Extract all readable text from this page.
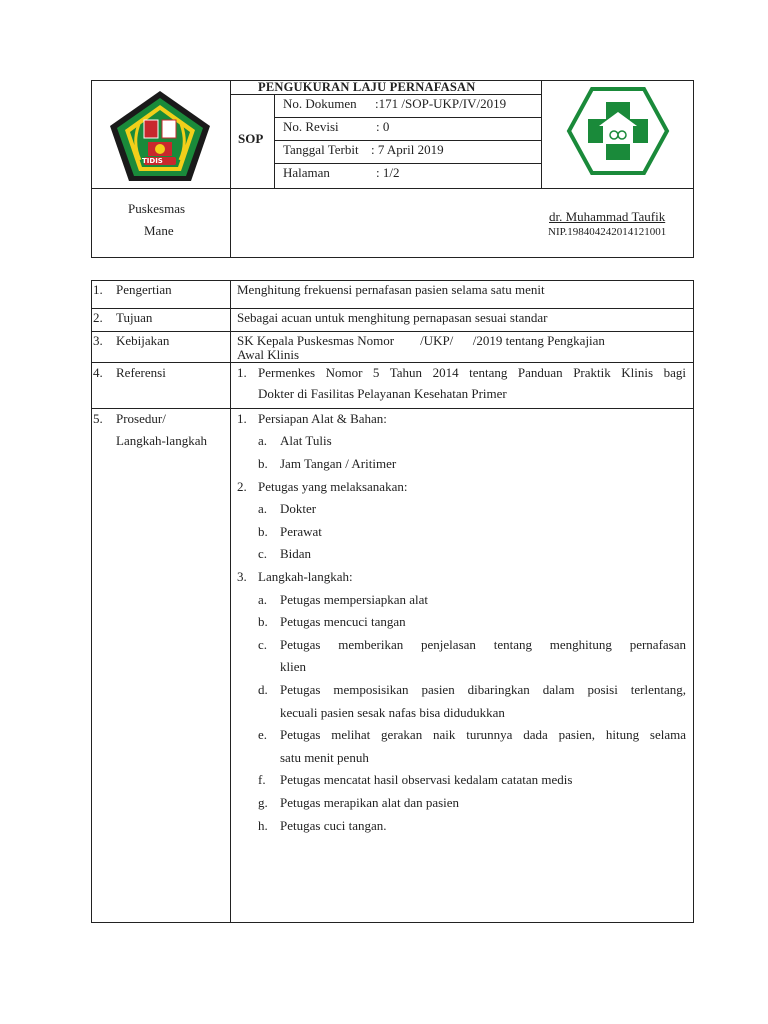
PENGUKURAN LAJU PERNAFASAN
SOP
No. Dokumen :171 /SOP-UKP/IV/2019
No. Revisi	: 0
Tanggal Terbit : 7 April 2019
Halaman	: 1/2
Puskesmas
Mane
dr. Muhammad Taufik
NIP.198404242014121001
TIDIS
1. Pengertian	Menghitung frekuensi pernafasan pasien selama satu menit
2. Tujuan	Sebagai acuan untuk menghitung pernapasan sesuai standar
3. Kebijakan	SK Kepala Puskesmas Nomor        /UKP/      /2019 tentang Pengkajian
Awal Klinis
4. Referensi	1. Permenkes Nomor 5 Tahun 2014 tentang Panduan Praktik Klinis bagi
Dokter di Fasilitas Pelayanan Kesehatan Primer
5. Prosedur/
Langkah-langkah
1. Persiapan Alat & Bahan:
a. Alat Tulis
b. Jam Tangan / Aritimer
2. Petugas yang melaksanakan:
a. Dokter
b. Perawat
c. Bidan
3. Langkah-langkah:
a. Petugas mempersiapkan alat
b. Petugas mencuci tangan
c. Petugas memberikan penjelasan tentang menghitung pernafasan
klien
d. Petugas memposisikan pasien dibaringkan dalam posisi terlentang,
kecuali pasien sesak nafas bisa didudukkan
e. Petugas melihat gerakan naik turunnya dada pasien, hitung selama
satu menit penuh
f. Petugas mencatat hasil observasi kedalam catatan medis
g. Petugas merapikan alat dan pasien
h. Petugas cuci tangan.
